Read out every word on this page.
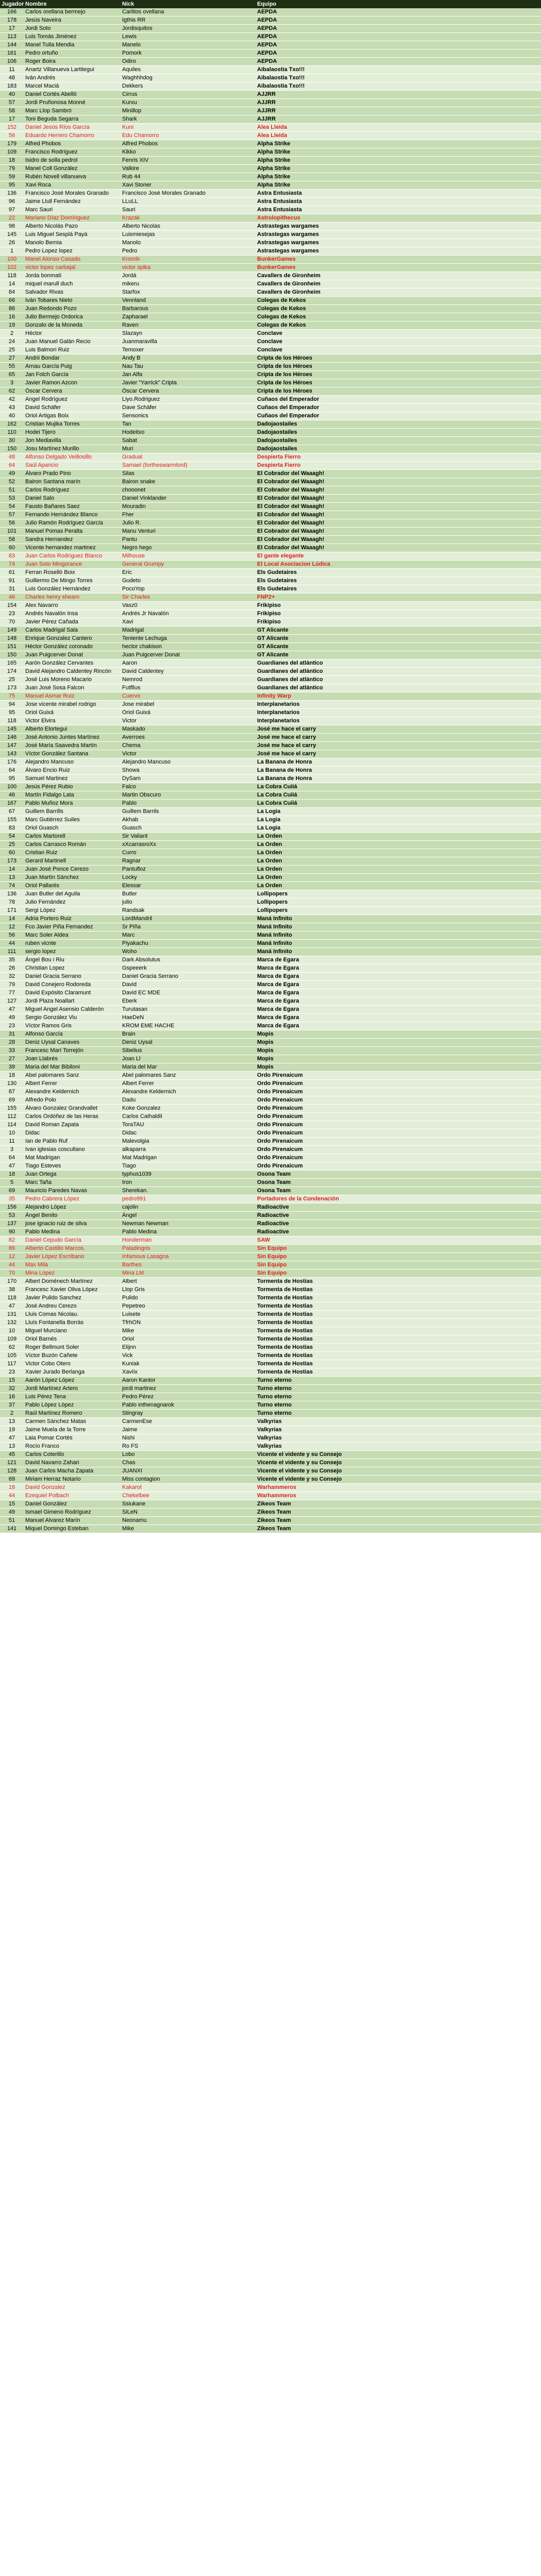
Jugador	Nombre	Nick	Equipo
166	Carlos orellana bermejo	Carlitos ovellana	AEPDA
178	Jesús Naveira	Igthis RR	AEPDA
17	Jordi Soto	Jordisquitos	AEPDA
113	Luis Tomás Jiménez	Lewis	AEPDA
144	Manel Tulla Mendia	Manelo	AEPDA
161	Pedro ortuño	Pomork	AEPDA
106	Roger Boira	Odiro	AEPDA
11	Anartz Villanueva Lartitegui	Aquiles	Aibalaostia Txo!!!
48	Iván Andrés	Waghhhdog	Aibalaostia Txo!!!
183	Marcel Maciá	Dekkers	Aibalaostia Txo!!!
40	Daniel Cortés Abelló	Cirrus	AJJRR
57	Jordi Pruñonosa Monné	Kurxu	AJJRR
58	Marc Llop Sambró	Minillop	AJJRR
17	Toni Beguda Segarra	Shark	AJJRR
152	Daniel Jesús Ríos García	Kuni	Alea Lleida
56	Eduardo Herrero Chamorro	Edu Chamorro	Alea Lleida
179	Alfred Phobos	Alfred Phobos	Alpha Strike
109	Francisco Rodríguez	Kikko	Alpha Strike
18	Isidro de solla pedrol	Fenris XIV	Alpha Strike
79	Manel Coll González	Valkire	Alpha Strike
59	Rubén Novell villanueva	Rub 44	Alpha Strike
95	Xavi Roca	Xavi Stoner	Alpha Strike
136	Francisco José Morales Granado	Francisco José Morales Granado	Astra Entusiasta
96	Jaime Llull Fernández	LLuLL	Astra Entusiasta
97	Marc Sauri	Sauri	Astra Entusiasta
22	Mariano Díaz Domínguez	Krazak	Astrolopithecus
98	Alberto Nicolás Pazo	Alberto Nicolas	Astrastegas wargames
145	Luis Miguel Sesplá Payá	Luismiesejas	Astrastegas wargames
26	Manolo Bernia	Manolo	Astrastegas wargames
1	Pedro Lopez lopez	Pedro	Astrastegas wargames
100	Manel Alonso Casado	Kromlir	BunkerGames
102	victor lopez carbajal	victor spika	BunkerGames
118	Jorda bonmatí	Jordá	Cavallers de Gironheim
14	miquel marull duch	mikeru	Cavallers de Gironheim
84	Salvador Rivas	Starfox	Cavallers de Gironheim
66	Iván Tobares Nieto	Vennland	Colegas de Kekos
86	Juan Redondo Pozo	Barbarous	Colegas de Kekos
16	Julio Bermejo Ordorica	Zapharael	Colegas de Kekos
19	Gonzalo de la Moneda	Raven	Colegas de Kekos
2	Héctor	Slazayn	Conclave
24	Juan Manuel Galán Recio	Juanmaravilla	Conclave
25	Luis Balmori Ruiz	Temoxer	Conclave
27	Andrii Bondar	Andy B	Cripta de los Héroes
55	Arnau García Puig	Nau Tau	Cripta de los Héroes
65	Jan Folch García	Jan Alfa	Cripta de los Héroes
3	Javier Ramon Azcon	Javier "Yarrick" Cripta	Cripta de los Héroes
62	Óscar Cervera	Óscar Cervera	Cripta de los Héroes
42	Angel Rodríguez	Liyo.Rodriguez	Cuñaos del Emperador
43	David Schäfer	Dave Schäfer	Cuñaos del Emperador
40	Oriol Artigas Boix	Sensonics	Cuñaos del Emperador
162	Cristian Mujika Torres	Tan	Dadojaostailes
110	Hodei Tijero	Hodeitxo	Dadojaostailes
30	Jon Mediavilla	Sabat	Dadojaostailes
150	Josu Martínez Murillo	Muri	Dadojaostailes
48	Alfonso Delgado Veillosillo	Gradual	Despierta Fierro
64	Saúl Aparicio	Samael (fortheswarmlord)	Despierta Fierro
49	Álvaro Prado Pino	Silas	El Cobrador del Waaagh!
52	Bairon Santana marín	Bairon snake	El Cobrador del Waaagh!
51	Carlos Rodríguez	chooonet	El Cobrador del Waaagh!
53	Daniel Salo	Daniel Vinklander	El Cobrador del Waaagh!
54	Fausto Bañares Saez	Mouradin	El Cobrador del Waaagh!
57	Fernando Hernández Blanco	Fher	El Cobrador del Waaagh!
56	Julio Ramón Rodríguez García	Julio R.	El Cobrador del Waaagh!
101	Manuel Pomas Peralta	Manu Venturi	El Cobrador del Waaagh!
58	Sandra Hernandez	Pantu	El Cobrador del Waaagh!
60	Vicente hernandez martinez	Negro hego	El Cobrador del Waaagh!
83	Juan Carlos Rodríguez Blanco	Milhouse	El gante elegante
74	Juan Soto Mingorance	General Grumpy	El Local Asociacion Lúdica
61	Ferran Roselló Boix	Eric	Els Gudetaires
91	Guillermo De Mingo Torres	Gudeto	Els Gudetaires
31	Luis González Hernández	PocoYop	Els Gudetaires
46	Charles henry shearn	Sir Charles	FNP2+
154	Alex Navarro	Vasz0	Frikipiso
23	Andrés Navalón Insa	Andrés Jr Navalón	Frikipiso
70	Javier Pérez Cañada	Xavi	Frikipiso
149	Carlos Madrigal Sala	Madrigal	GT Alicante
148	Enrique Gonzalez Cantero	Teniente Lechuga	GT Alicante
151	Héctor González coronado	hector chakison	GT Alicante
150	Juan Puigcerver Donat	Juan Puigcerver Donat	GT Alicante
165	Aarón González Cervantes	Aaron	Guardianes del atlántico
174	David Alejandro Caldentey Rincón	David Caldentey	Guardianes del atlántico
25	José Luis Moreno Macario	Nemrod	Guardianes del atlántico
173	Juan José Sosa Falcon	Futfllus	Guardianes del atlántico
75	Manuel Asmar Ruiz	Cuervo	Infinity Warp
94	Jose vicente mirabel rodrigo	Jose mirabel	Interplanetarios
95	Oriol Guixá	Oriol Guixá	Interplanetarios
118	Victor Elvira	Victor	Interplanetarios
145	Alberto Elortegui	Maskado	José me hace el carry
146	José Antonio Juntes Martínez	Averroes	José me hace el carry
147	José María Saavedra Martín	Chema	José me hace el carry
143	Víctor González Santana	Victor	José me hace el carry
176	Alejandro Mancuso	Alejandro Mancuso	La Banana de Honra
64	Álvaro Encio Ruiz	Showa	La Banana de Honra
95	Samuel Martinez	DySam	La Banana de Honra
100	Jesús Pérez Rubio	Falco	La Cobra Cuiiá
46	Martín Fidalgo Lata	Martin Obscuro	La Cobra Cuiiá
167	Pablo Muñoz Mora	Pablo	La Cobra Cuiiá
67	Guillem Barrills	Guillem Barrils	La Logia
155	Marc Gutiérrez Suiles	Akhab	La Logia
83	Oriol Guasch	Guasch	La Logia
54	Carlos Martorell	Sir Valiant	La Orden
25	Carlos Carrasco Román	xXcarrasroXx	La Orden
60	Cristian Ruiz	Curro	La Orden
173	Gerard Martinell	Ragnar	La Orden
14	Juan José Ponce Cerezo	Pantufloz	La Orden
13	Juan Martín Sánchez	Locky	La Orden
74	Oriol Pallarés	Elessar	La Orden
136	Juan Butler del Aguila	Butler	Lollipopers
78	Julio Fernández	julio	Lollipopers
171	Sergi López	Randsak	Lollipopers
14	Adria Portero Ruiz	LordMandril	Maná Infinito
12	Fco Javier Piña Fernandez	Sr Piña	Maná Infinito
56	Marc Soler Aldea	Marc	Maná Infinito
44	ruben vicnte	Piyakachu	Maná Infinito
111	sergio lopez	Woho	Maná Infinito
35	Ángel Bou i Riu	Dark Absolutus	Marca de Egara
26	Christian Lopez	Gspeeerk	Marca de Egara
32	Daniel Gracia Serrano	Daniel Gracia Serrano	Marca de Egara
79	David Conejero Rodoreda	David	Marca de Egara
77	David Expósito Claramunt	David EC MDE	Marca de Egara
127	Jordi Plaza Noallart	Eberk	Marca de Egara
47	Miguel Angel Asensio Calderón	Turutasan	Marca de Egara
49	Sergio González Viu	HaeDeN	Marca de Egara
23	Víctor Ramos Gris	KROM EME HACHE	Marca de Egara
31	Alfonso García	Brain	Mopis
28	Deniz Uysal Canaves	Deniz Uysal	Mopis
33	Francesc Marí Torrejón	Sibelius	Mopis
27	Joan Llabrés	Joan Ll	Mopis
39	Maria del Mar Bibiloni	Maria del Mar	Mopis
18	Abel palomares Sanz	Abel palomares Sanz	Ordo Pirenaicum
130	Albert Ferrer	Albert Ferrer	Ordo Pirenaicum
87	Alexandre Keldernich	Alexandre Keldernich	Ordo Pirenaicum
69	Alfredo Polo	Dadu	Ordo Pirenaicum
155	Álvaro Gonzalez Grandvallet	Koke Gonzalez	Ordo Pirenaicum
112	Carlos Ordóñez de las Heras	Carlos Cathaldil	Ordo Pirenaicum
114	David Roman Zapata	ToraTAU	Ordo Pirenaicum
10	Didac	Didac	Ordo Pirenaicum
11	Ian de Pablo Ruf	Malevolgia	Ordo Pirenaicum
3	Ivan iglesias coscullano	alkaparra	Ordo Pirenaicum
64	Mat Madrigan	Mat Madrigan	Ordo Pirenaicum
47	Tiago Esteves	Tiago	Ordo Pirenaicum
18	Juan Ortega	typhus1039	Osona Team
5	Marc Taña	Iron	Osona Team
69	Mauricio Paredes Navas	Sherekan.	Osona Team
35	Pedro Cabrera López	pedro991	Portadores de la Condenación
156	Alejandro López	cajolin	Radioactive
53	Ángel Benito	Ángel	Radioactive
137	jose ignacio ruiz de silva	Newman Newman	Radioactive
90	Pablo Medina	Pablo Medina	Radioactive
82	Daniel Cepudo García	Honderman	SAW
89	Alberto Castillo Marcos.	Paladingris	Sin Equipo
12	Javier López Escribano	Infamous Lasagna	Sin Equipo
44	Max Milà	Barthes	Sin Equipo
70	Mina Lopez	Mina LM	Sin Equipo
170	Albert Doménech Martínez	Albert	Tormenta de Hostias
38	Francesc Xavier Oliva López	Llop Gris	Tormenta de Hostias
118	Javier Pulido Sanchez	Pulido	Tormenta de Hostias
47	José Andreu Cerezo	Pepetreo	Tormenta de Hostias
131	Lluis Comas Nicolau.	Luisete	Tormenta de Hostias
132	Lluís Fontanella Borràs	TfrhON	Tormenta de Hostias
10	Miguel Murciano	Mike	Tormenta de Hostias
109	Oriol Barnés	Oriol	Tormenta de Hostias
62	Roger Bellmunt Soler	Elijnn	Tormenta de Hostias
105	Víctor Buzón Cañete	Vick	Tormenta de Hostias
117	Victor Cobo Otero	Kuniak	Tormenta de Hostias
23	Xavier Jurado Berlanga	Xavíix	Tormenta de Hostias
15	Aarón López López	Aaron Kantor	Turno eterno
32	Jordi Martínez Artero	jordi martinez	Turno eterno
16	Luis Pérez Tena	Pedro Pérez	Turno eterno
37	Pablo López López	Pablo inthenagnarok	Turno eterno
2	Raúl Martínez Romero	Stingray	Turno eterno
13	Carmen Sánchez Matas	CarmenEse	Valkyrias
19	Jaime Muela de la Torre	Jaime	Valkyrias
47	Laia Pomar Cortés	Nishi	Valkyrias
13	Rocío Franco	Ro FS	Valkyrias
45	Carlos Coterillo	Lobo	Vicente el vidente y su Consejo
121	David Navarro Zahari	Chas	Vicente el vidente y su Consejo
128	Juan Carlos Macha Zapata	JUANXI	Vicente el vidente y su Consejo
69	Miriam Herraz Notario	Miss contagion	Vicente el vidente y su Consejo
18	David Gonzalez	Kakarot	Warhammeros
44	Ezequiel Polbach	Chekelbee	Warhammeros
15	Daniel González	Ssiukane	Zikeos Team
49	Ismael Gimeno Rodríguez	SiLeN	Zikeos Team
51	Manuel Alvarez Marín	Neonamu	Zikeos Team
141	Miquel Domingo Esteban	Mike	Zikeos Team
